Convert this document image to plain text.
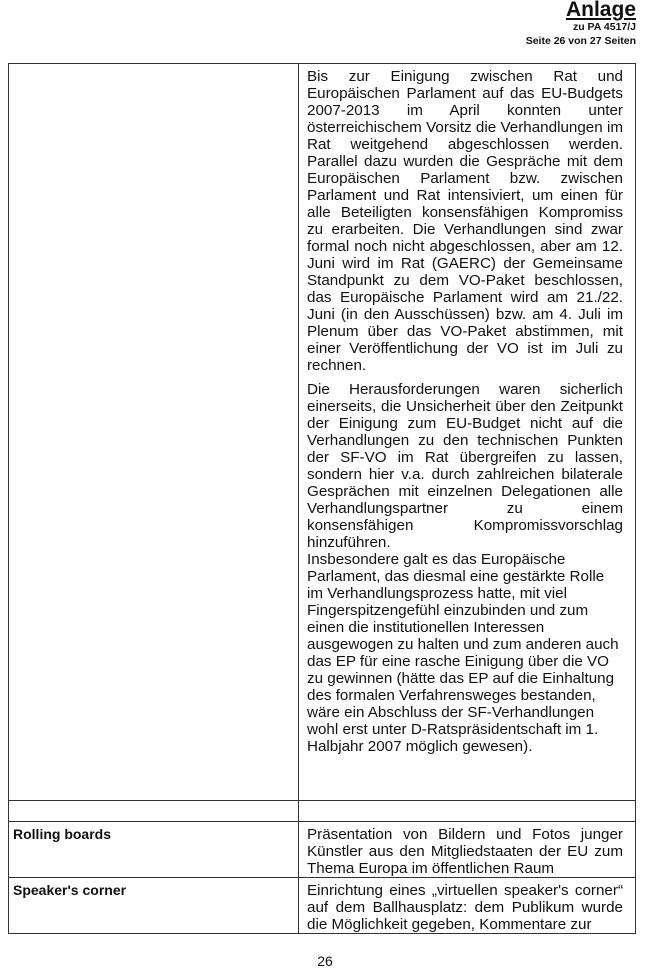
Anlage
zu PA 4517/J
Seite 26 von 27 Seiten

	Bis zur Einigung zwischen Rat und Europäischen Parlament auf das EU-Budgets 2007-2013 im April konnten unter österreichischem Vorsitz die Verhandlungen im Rat weitgehend abgeschlossen werden. Parallel dazu wurden die Gespräche mit dem Europäischen Parlament bzw. zwischen Parlament und Rat intensiviert, um einen für alle Beteiligten konsensfähigen Kompromiss zu erarbeiten. Die Verhandlungen sind zwar formal noch nicht abgeschlossen, aber am 12. Juni wird im Rat (GAERC) der Gemeinsame Standpunkt zu dem VO-Paket beschlossen, das Europäische Parlament wird am 21./22. Juni (in den Ausschüssen) bzw. am 4. Juli im Plenum über das VO-Paket abstimmen, mit einer Veröffentlichung der VO ist im Juli zu rechnen.

Die Herausforderungen waren sicherlich einerseits, die Unsicherheit über den Zeitpunkt der Einigung zum EU-Budget nicht auf die Verhandlungen zu den technischen Punkten der SF-VO im Rat übergreifen zu lassen, sondern hier v.a. durch zahlreichen bilaterale Gesprächen mit einzelnen Delegationen alle Verhandlungspartner zu einem konsensfähigen Kompromissvorschlag hinzuführen.

Insbesondere galt es das Europäische Parlament, das diesmal eine gestärkte Rolle im Verhandlungsprozess hatte, mit viel Fingerspitzengefühl einzubinden und zum einen die institutionellen Interessen ausgewogen zu halten und zum anderen auch das EP für eine rasche Einigung über die VO zu gewinnen (hätte das EP auf die Einhaltung des formalen Verfahrensweges bestanden, wäre ein Abschluss der SF-Verhandlungen wohl erst unter D-Ratspräsidentschaft im 1. Halbjahr 2007 möglich gewesen).

Rolling boards	Präsentation von Bildern und Fotos junger Künstler aus den Mitgliedstaaten der EU zum Thema Europa im öffentlichen Raum
Speaker's corner	Einrichtung eines „virtuellen speaker's corner“ auf dem Ballhausplatz: dem Publikum wurde die Möglichkeit gegeben, Kommentare zur
26
